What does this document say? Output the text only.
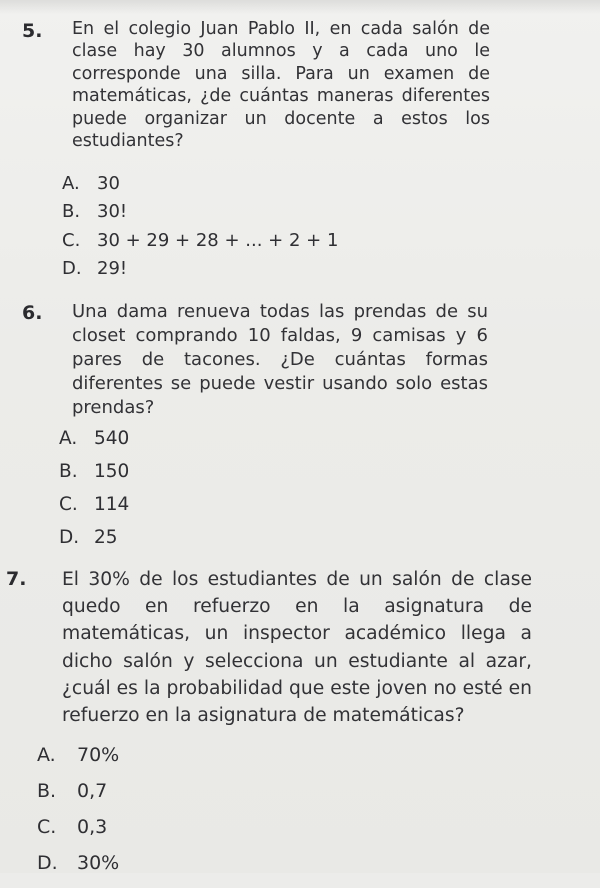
5. En el colegio Juan Pablo II, en cada salón de clase hay 30 alumnos y a cada uno le corresponde una silla. Para un examen de matemáticas, ¿de cuántas maneras diferentes puede organizar un docente a estos los estudiantes?
A. 30
B. 30!
C. 30 + 29 + 28 + ... + 2 + 1
D. 29!
6. Una dama renueva todas las prendas de su closet comprando 10 faldas, 9 camisas y 6 pares de tacones. ¿De cuántas formas diferentes se puede vestir usando solo estas prendas?
A. 540
B. 150
C. 114
D. 25
7. El 30% de los estudiantes de un salón de clase quedo en refuerzo en la asignatura de matemáticas, un inspector académico llega a dicho salón y selecciona un estudiante al azar, ¿cuál es la probabilidad que este joven no esté en refuerzo en la asignatura de matemáticas?
A.	70%
B.	0,7
C.	0,3
D.	30%
